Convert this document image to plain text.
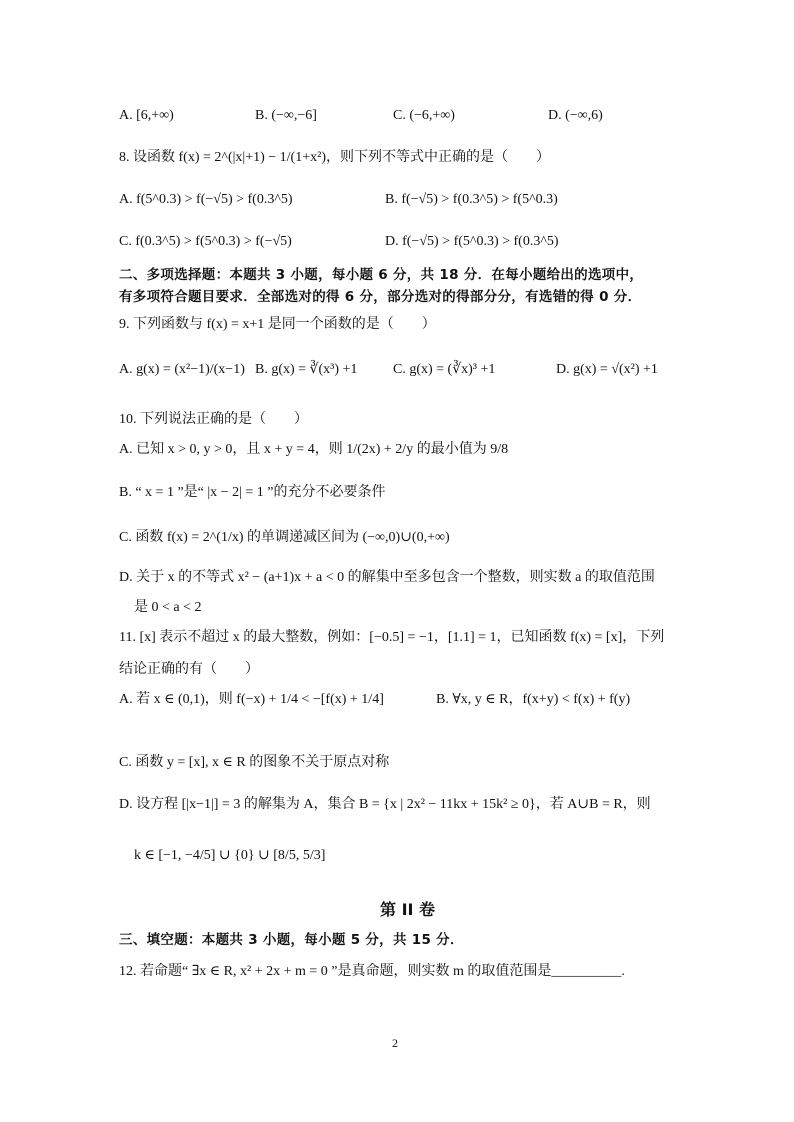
A. [6,+∞)	B. (−∞,−6]	C. (−6,+∞)	D. (−∞,6)
8. 设函数 f(x) = 2^(|x|+1) − 1/(1+x²)，则下列不等式中正确的是（　　）
A. f(5^0.3) > f(−√5) > f(0.3^5)	B. f(−√5) > f(0.3^5) > f(5^0.3)
C. f(0.3^5) > f(5^0.3) > f(−√5)	D. f(−√5) > f(5^0.3) > f(0.3^5)
二、多项选择题：本题共 3 小题，每小题 6 分，共 18 分．在每小题给出的选项中，
有多项符合题目要求．全部选对的得 6 分，部分选对的得部分分，有选错的得 0 分．
9. 下列函数与 f(x) = x+1 是同一个函数的是（　　）
A. g(x) = (x²−1)/(x−1) B. g(x) = ∛(x³) +1	C. g(x) = (∛x)³ +1	D. g(x) = √(x²) +1
10. 下列说法正确的是（　　）
A. 已知 x > 0, y > 0，且 x + y = 4，则 1/(2x) + 2/y 的最小值为 9/8
B. “ x = 1 ”是“ |x − 2| = 1 ”的充分不必要条件
C. 函数 f(x) = 2^(1/x) 的单调递减区间为 (−∞,0)∪(0,+∞)
D. 关于 x 的不等式 x² − (a+1)x + a < 0 的解集中至多包含一个整数，则实数 a 的取值范围
是 0 < a < 2
11. [x] 表示不超过 x 的最大整数，例如：[−0.5] = −1，[1.1] = 1，已知函数 f(x) = [x]，下列
结论正确的有（　　）
A. 若 x ∈ (0,1)，则 f(−x) + 1/4 < −[f(x) + 1/4]	B. ∀x, y ∈ R，f(x+y) < f(x) + f(y)
C. 函数 y = [x], x ∈ R 的图象不关于原点对称
D. 设方程 [|x−1|] = 3 的解集为 A，集合 B = {x | 2x² − 11kx + 15k² ≥ 0}，若 A∪B = R，则
k ∈ [−1, −4/5] ∪ {0} ∪ [8/5, 5/3]
第 II 卷
三、填空题：本题共 3 小题，每小题 5 分，共 15 分．
12. 若命题“ ∃x ∈ R, x² + 2x + m = 0 ”是真命题，则实数 m 的取值范围是__________.
2
